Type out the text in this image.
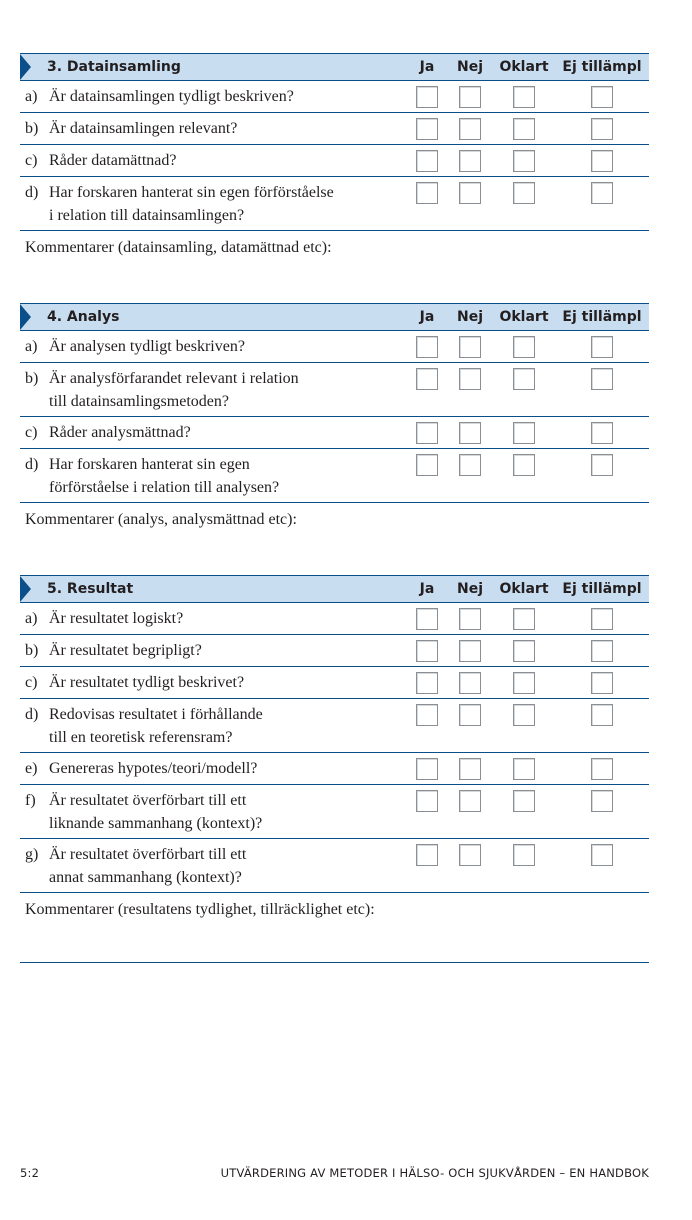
3. Datainsamling	Ja Nej Oklart Ej tillämpl
a) Är datainsamlingen tydligt beskriven?
b) Är datainsamlingen relevant?
c) Råder datamättnad?
d) Har forskaren hanterat sin egen förförståelse
i relation till datainsamlingen?
Kommentarer (datainsamling, datamättnad etc):
4. Analys	Ja Nej Oklart Ej tillämpl
a) Är analysen tydligt beskriven?
b) Är analysförfarandet relevant i relation
till datainsamlingsmetoden?
c) Råder analysmättnad?
d) Har forskaren hanterat sin egen
förförståelse i relation till analysen?
Kommentarer (analys, analysmättnad etc):
5. Resultat	Ja Nej Oklart Ej tillämpl
a) Är resultatet logiskt?
b) Är resultatet begripligt?
c) Är resultatet tydligt beskrivet?
d) Redovisas resultatet i förhållande
till en teoretisk referensram?
e) Genereras hypotes/teori/modell?
f) Är resultatet överförbart till ett
liknande sammanhang (kontext)?
g) Är resultatet överförbart till ett
annat sammanhang (kontext)?
Kommentarer (resultatens tydlighet, tillräcklighet etc):
5:2	UTVÄRDERING AV METODER I HÄLSO- OCH SJUKVÅRDEN – EN HANDBOK
